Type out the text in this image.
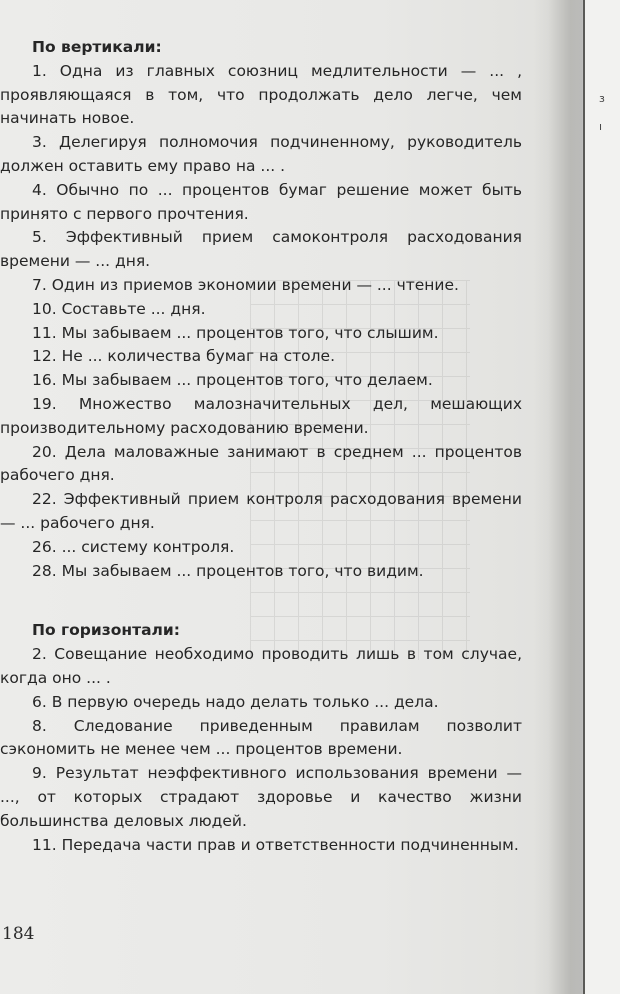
По вертикали:

1. Одна из главных союзниц медлительности — ... , проявляющаяся в том, что продолжать дело легче, чем начинать новое.

3. Делегируя полномочия подчиненному, руководитель должен оставить ему право на ... .

4. Обычно по ... процентов бумаг решение может быть принято с первого прочтения.

5. Эффективный прием самоконтроля расходования времени — ... дня.

7. Один из приемов экономии времени — ... чтение.

10. Составьте ... дня.

11. Мы забываем ... процентов того, что слышим.

12. Не ... количества бумаг на столе.

16. Мы забываем ... процентов того, что делаем.

19. Множество малозначительных дел, мешающих производительному расходованию времени.

20. Дела маловажные занимают в среднем ... процентов рабочего дня.

22. Эффективный прием контроля расходования времени — ... рабочего дня.

26. ... систему контроля.

28. Мы забываем ... процентов того, что видим.

По горизонтали:

2. Совещание необходимо проводить лишь в том случае, когда оно ... .

6. В первую очередь надо делать только ... дела.

8. Следование приведенным правилам позволит сэкономить не менее чем ... процентов времени.

9. Результат неэффективного использования времени — ..., от которых страдают здоровье и качество жизни большинства деловых людей.

11. Передача части прав и ответственности подчиненным.

184
з
ı
